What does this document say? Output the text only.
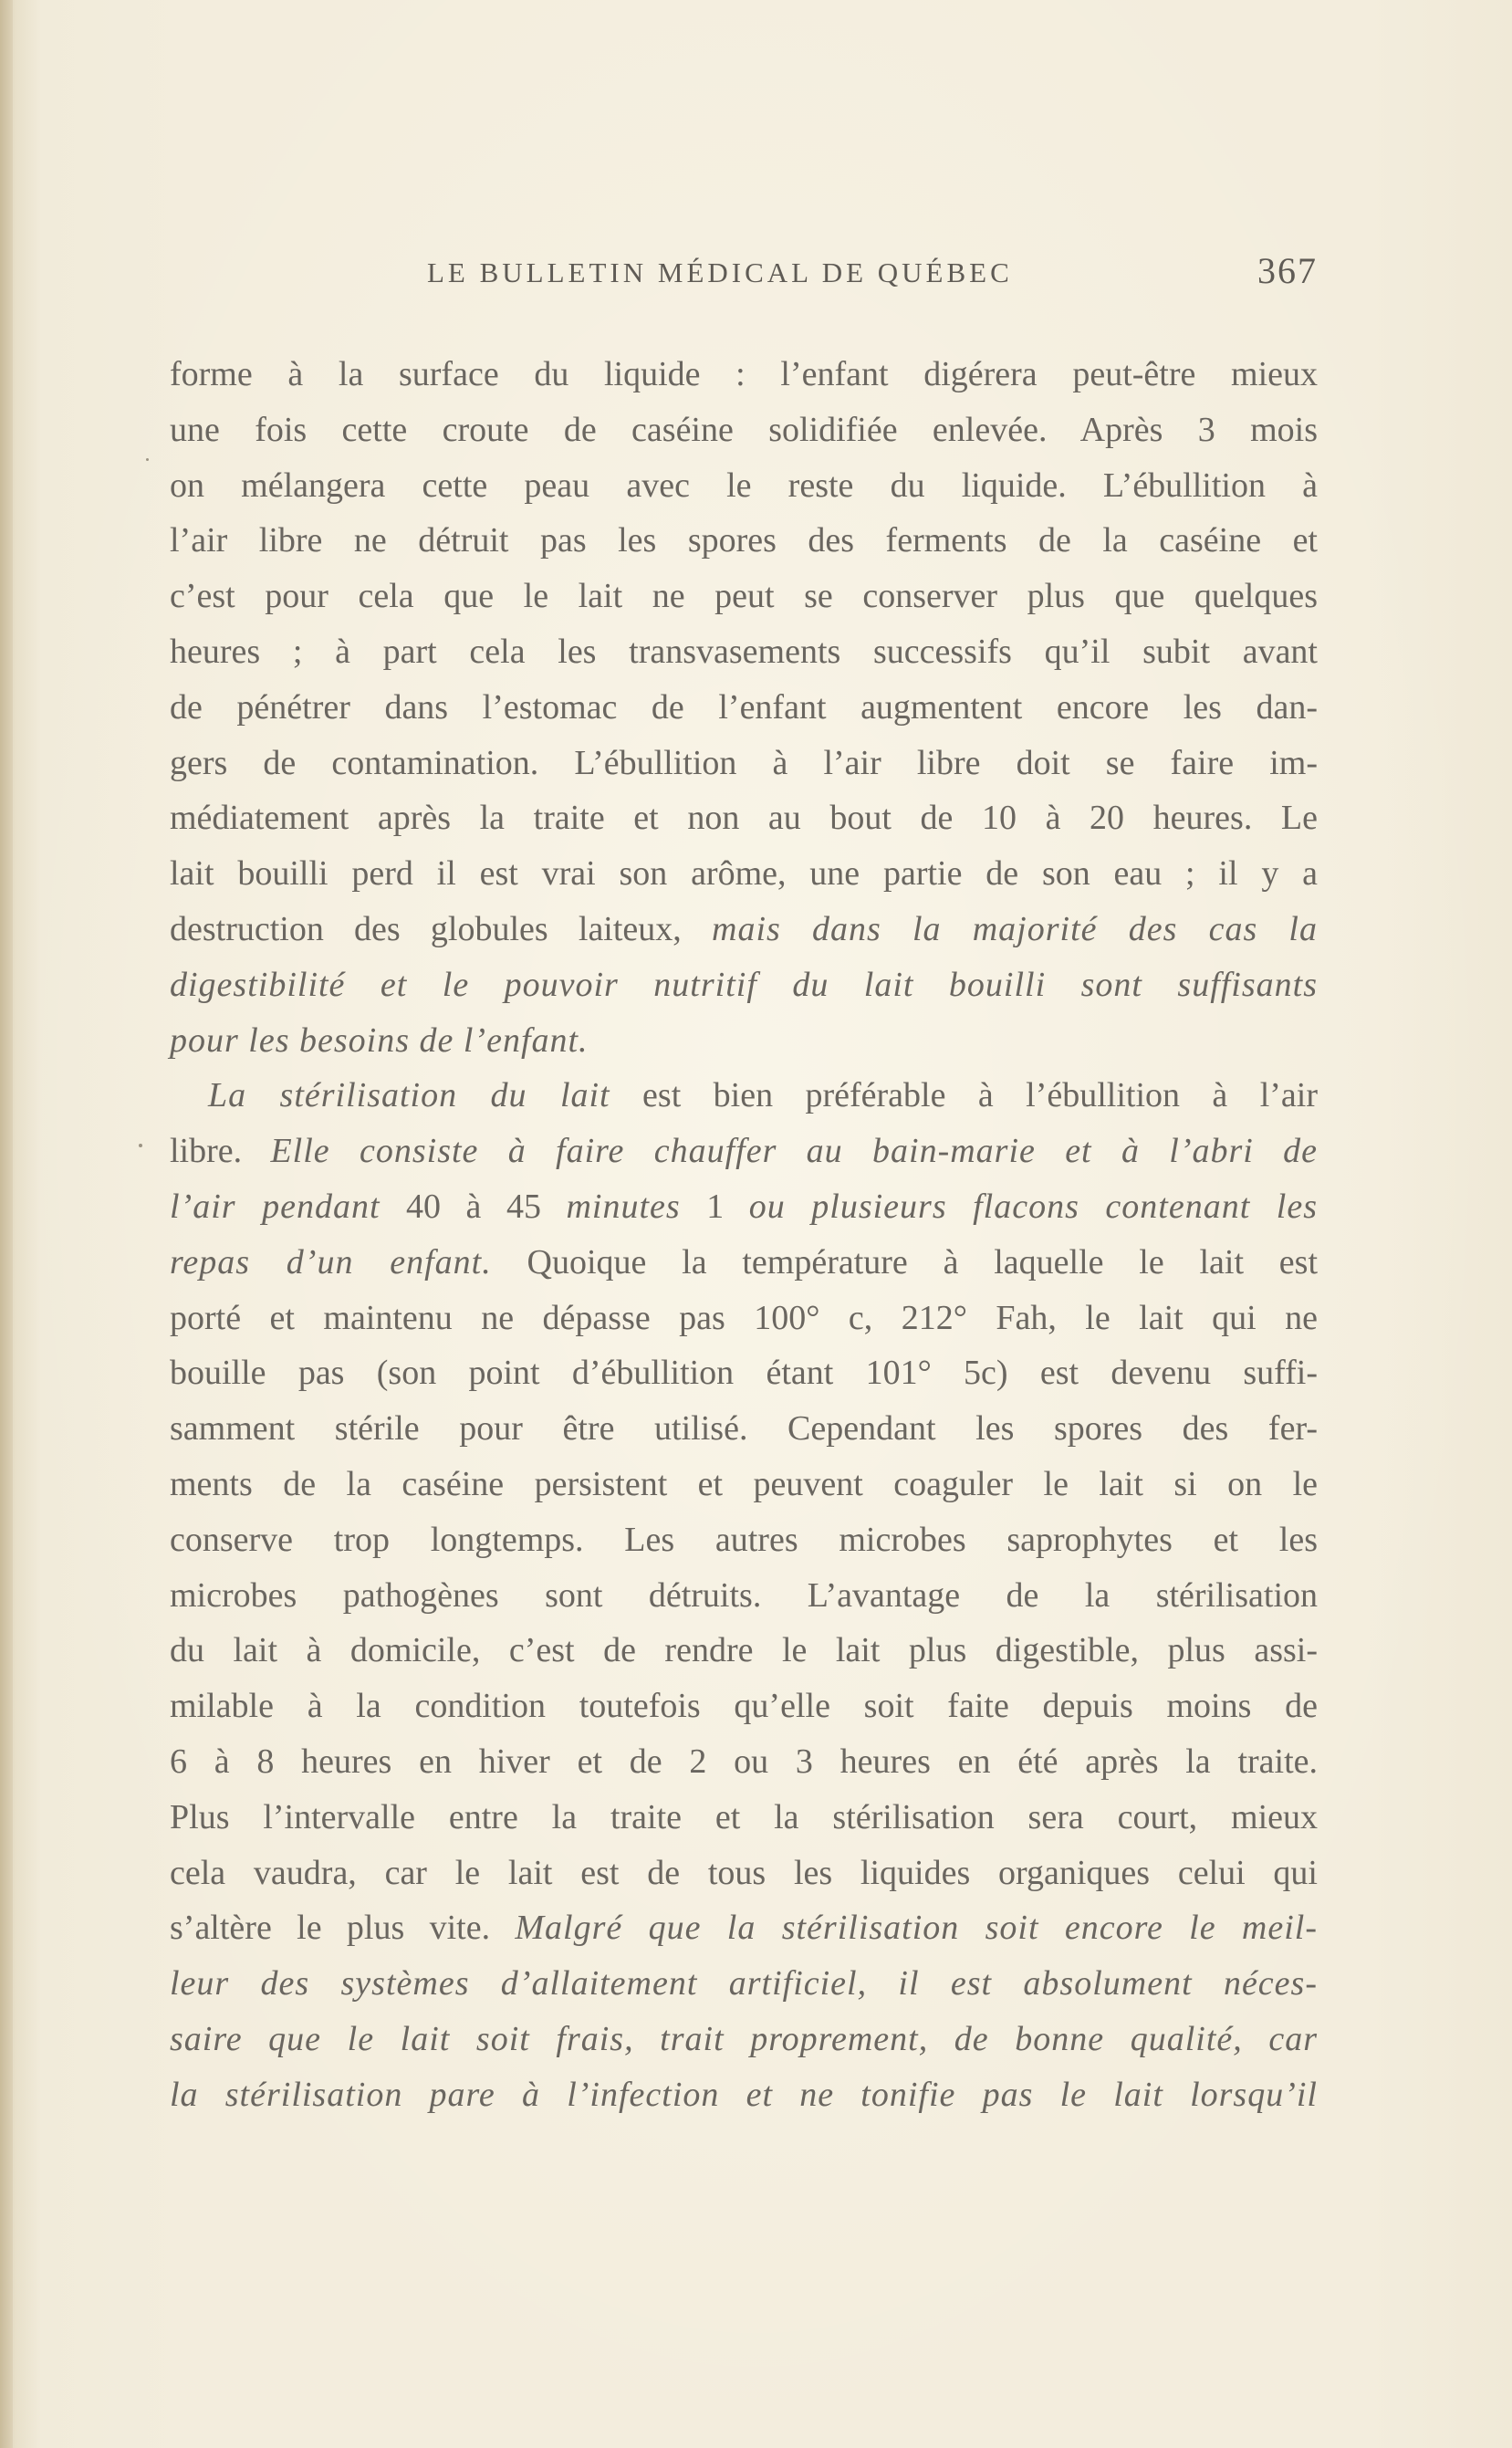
LE BULLETIN MÉDICAL DE QUÉBEC	367
forme à la surface du liquide : l’enfant digérera peut-être mieux
une fois cette croute de caséine solidifiée enlevée. Après 3 mois
on mélangera cette peau avec le reste du liquide. L’ébullition à
l’air libre ne détruit pas les spores des ferments de la caséine et
c’est pour cela que le lait ne peut se conserver plus que quelques
heures ; à part cela les transvasements successifs qu’il subit avant
de pénétrer dans l’estomac de l’enfant augmentent encore les dan-
gers de contamination. L’ébullition à l’air libre doit se faire im-
médiatement après la traite et non au bout de 10 à 20 heures. Le
lait bouilli perd il est vrai son arôme, une partie de son eau ; il y a
destruction des globules laiteux, mais dans la majorité des cas la
digestibilité et le pouvoir nutritif du lait bouilli sont suffisants
pour les besoins de l’enfant.
La stérilisation du lait est bien préférable à l’ébullition à l’air
libre. Elle consiste à faire chauffer au bain-marie et à l’abri de
l’air pendant 40 à 45 minutes 1 ou plusieurs flacons contenant les
repas d’un enfant. Quoique la température à laquelle le lait est
porté et maintenu ne dépasse pas 100° c, 212° Fah, le lait qui ne
bouille pas (son point d’ébullition étant 101° 5c) est devenu suffi-
samment stérile pour être utilisé. Cependant les spores des fer-
ments de la caséine persistent et peuvent coaguler le lait si on le
conserve trop longtemps. Les autres microbes saprophytes et les
microbes pathogènes sont détruits. L’avantage de la stérilisation
du lait à domicile, c’est de rendre le lait plus digestible, plus assi-
milable à la condition toutefois qu’elle soit faite depuis moins de
6 à 8 heures en hiver et de 2 ou 3 heures en été après la traite.
Plus l’intervalle entre la traite et la stérilisation sera court, mieux
cela vaudra, car le lait est de tous les liquides organiques celui qui
s’altère le plus vite. Malgré que la stérilisation soit encore le meil-
leur des systèmes d’allaitement artificiel, il est absolument néces-
saire que le lait soit frais, trait proprement, de bonne qualité, car
la stérilisation pare à l’infection et ne tonifie pas le lait lorsqu’il
